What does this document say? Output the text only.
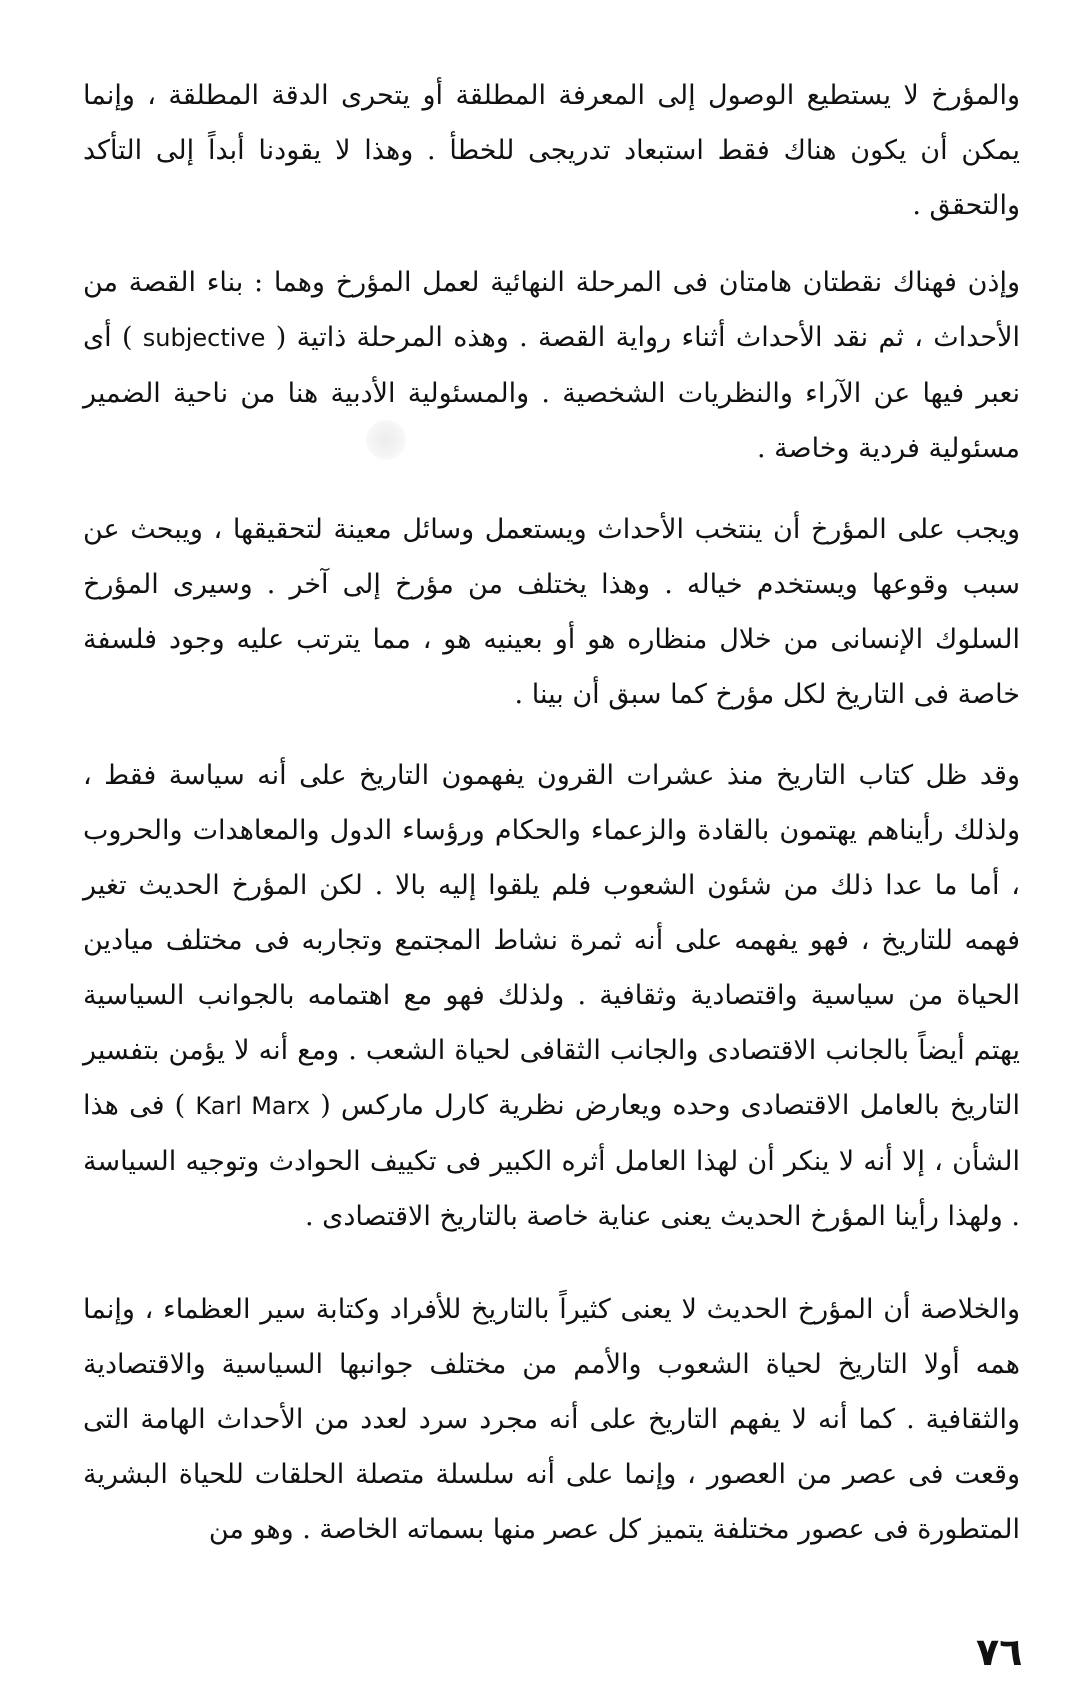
والمؤرخ لا يستطيع الوصول إلى المعرفة المطلقة أو يتحرى الدقة المطلقة ، وإنما يمكن أن يكون هناك فقط استبعاد تدريجى للخطأ . وهذا لا يقودنا أبداً إلى التأكد والتحقق .

وإذن فهناك نقطتان هامتان فى المرحلة النهائية لعمل المؤرخ وهما : بناء القصة من الأحداث ، ثم نقد الأحداث أثناء رواية القصة . وهذه المرحلة ذاتية ( subjective ) أى نعبر فيها عن الآراء والنظريات الشخصية . والمسئولية الأدبية هنا من ناحية الضمير مسئولية فردية وخاصة .

ويجب على المؤرخ أن ينتخب الأحداث ويستعمل وسائل معينة لتحقيقها ، ويبحث عن سبب وقوعها ويستخدم خياله . وهذا يختلف من مؤرخ إلى آخر . وسيرى المؤرخ السلوك الإنسانى من خلال منظاره هو أو بعينيه هو ، مما يترتب عليه وجود فلسفة خاصة فى التاريخ لكل مؤرخ كما سبق أن بينا .

وقد ظل كتاب التاريخ منذ عشرات القرون يفهمون التاريخ على أنه سياسة فقط ، ولذلك رأيناهم يهتمون بالقادة والزعماء والحكام ورؤساء الدول والمعاهدات والحروب ، أما ما عدا ذلك من شئون الشعوب فلم يلقوا إليه بالا . لكن المؤرخ الحديث تغير فهمه للتاريخ ، فهو يفهمه على أنه ثمرة نشاط المجتمع وتجاربه فى مختلف ميادين الحياة من سياسية واقتصادية وثقافية . ولذلك فهو مع اهتمامه بالجوانب السياسية يهتم أيضاً بالجانب الاقتصادى والجانب الثقافى لحياة الشعب . ومع أنه لا يؤمن بتفسير التاريخ بالعامل الاقتصادى وحده ويعارض نظرية كارل ماركس ( Karl Marx ) فى هذا الشأن ، إلا أنه لا ينكر أن لهذا العامل أثره الكبير فى تكييف الحوادث وتوجيه السياسة . ولهذا رأينا المؤرخ الحديث يعنى عناية خاصة بالتاريخ الاقتصادى .

والخلاصة أن المؤرخ الحديث لا يعنى كثيراً بالتاريخ للأفراد وكتابة سير العظماء ، وإنما همه أولا التاريخ لحياة الشعوب والأمم من مختلف جوانبها السياسية والاقتصادية والثقافية . كما أنه لا يفهم التاريخ على أنه مجرد سرد لعدد من الأحداث الهامة التى وقعت فى عصر من العصور ، وإنما على أنه سلسلة متصلة الحلقات للحياة البشرية المتطورة فى عصور مختلفة يتميز كل عصر منها بسماته الخاصة . وهو من

٧٦
